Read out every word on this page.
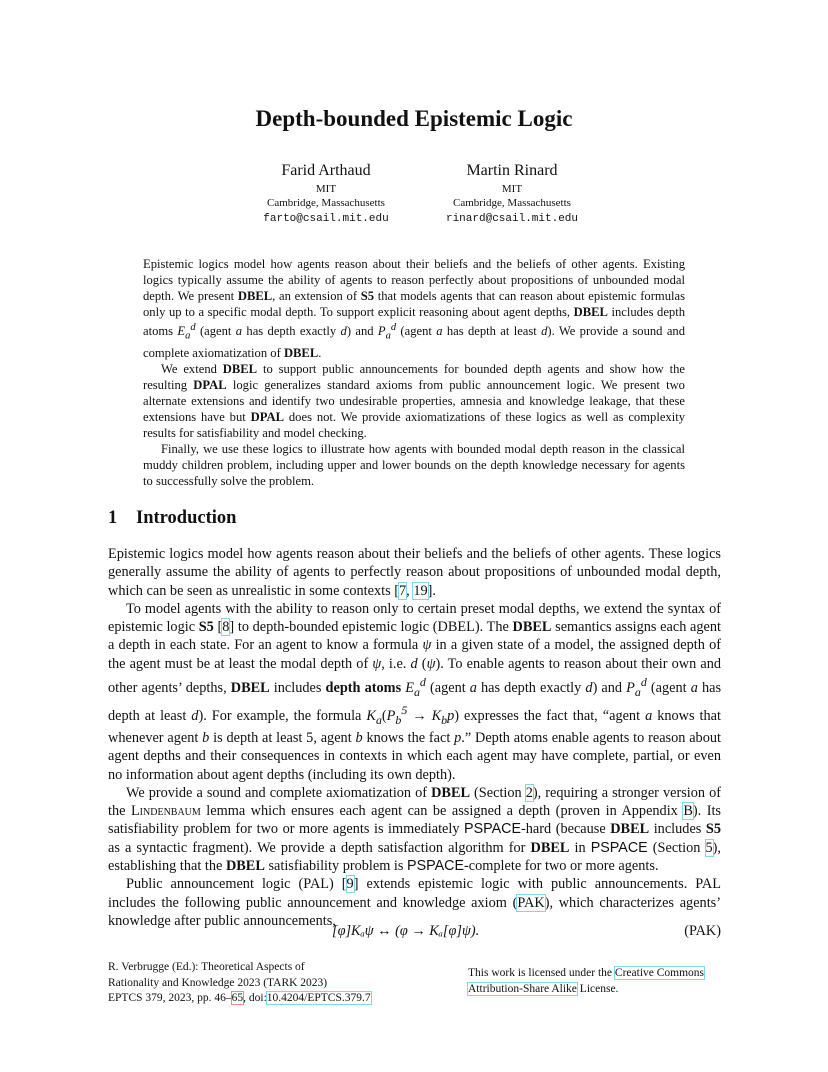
Depth-bounded Epistemic Logic
Farid Arthaud
MIT
Cambridge, Massachusetts
farto@csail.mit.edu
Martin Rinard
MIT
Cambridge, Massachusetts
rinard@csail.mit.edu

Epistemic logics model how agents reason about their beliefs and the beliefs of other agents. Existing logics typically assume the ability of agents to reason perfectly about propositions of unbounded modal depth. We present DBEL, an extension of S5 that models agents that can reason about epistemic formulas only up to a specific modal depth. To support explicit reasoning about agent depths, DBEL includes depth atoms $E_a^d$ (agent a has depth exactly d) and $P_a^d$ (agent a has depth at least d). We provide a sound and complete axiomatization of DBEL.

We extend DBEL to support public announcements for bounded depth agents and show how the resulting DPAL logic generalizes standard axioms from public announcement logic. We present two alternate extensions and identify two undesirable properties, amnesia and knowledge leakage, that these extensions have but DPAL does not. We provide axiomatizations of these logics as well as complexity results for satisfiability and model checking.

Finally, we use these logics to illustrate how agents with bounded modal depth reason in the classical muddy children problem, including upper and lower bounds on the depth knowledge necessary for agents to successfully solve the problem.

1 Introduction

Epistemic logics model how agents reason about their beliefs and the beliefs of other agents. These logics generally assume the ability of agents to perfectly reason about propositions of unbounded modal depth, which can be seen as unrealistic in some contexts [7, 19].

To model agents with the ability to reason only to certain preset modal depths, we extend the syntax of epistemic logic S5 [8] to depth-bounded epistemic logic (DBEL). The DBEL semantics assigns each agent a depth in each state. For an agent to know a formula ψ in a given state of a model, the assigned depth of the agent must be at least the modal depth of ψ, i.e. d (ψ). To enable agents to reason about their own and other agents’ depths, DBEL includes depth atoms $E_a^d$ (agent a has depth exactly d) and $P_a^d$ (agent a has depth at least d). For example, the formula $K_a(P_b^5 \to K_bp)$ expresses the fact that, “agent a knows that whenever agent b is depth at least 5, agent b knows the fact p.” Depth atoms enable agents to reason about agent depths and their consequences in contexts in which each agent may have complete, partial, or even no information about agent depths (including its own depth).

We provide a sound and complete axiomatization of DBEL (Section 2), requiring a stronger version of the Lindenbaum lemma which ensures each agent can be assigned a depth (proven in Appendix B). Its satisfiability problem for two or more agents is immediately PSPACE-hard (because DBEL includes S5 as a syntactic fragment). We provide a depth satisfaction algorithm for DBEL in PSPACE (Section 5), establishing that the DBEL satisfiability problem is PSPACE-complete for two or more agents.

Public announcement logic (PAL) [9] extends epistemic logic with public announcements. PAL includes the following public announcement and knowledge axiom (PAK), which characterizes agents’ knowledge after public announcements,

[φ]Kₐψ ↔ (φ → Kₐ[φ]ψ).	(PAK)
R. Verbrugge (Ed.): Theoretical Aspects of
Rationality and Knowledge 2023 (TARK 2023)
EPTCS 379, 2023, pp. 46–65, doi:10.4204/EPTCS.379.7
This work is licensed under the Creative Commons
Attribution-Share Alike License.
